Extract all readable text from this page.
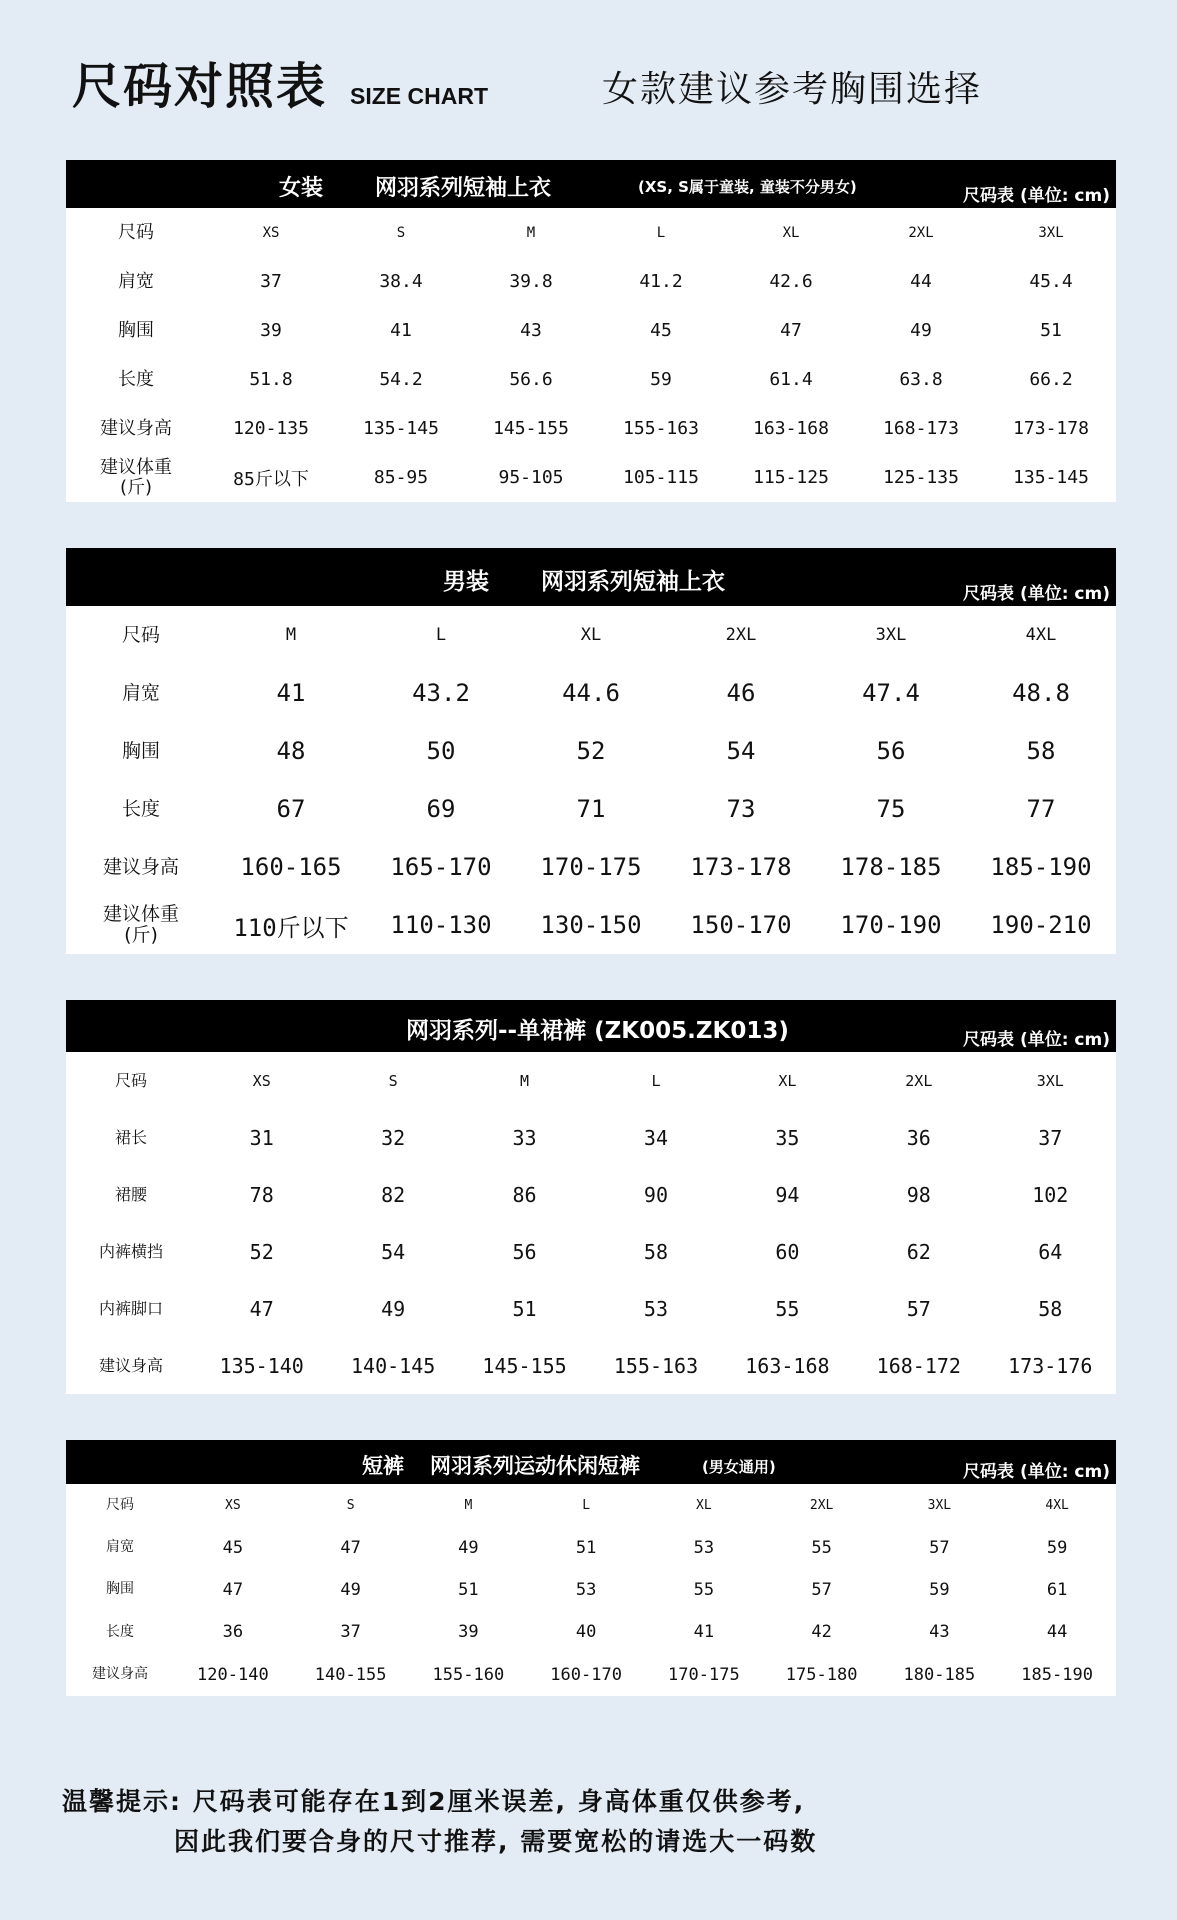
尺码对照表 SIZE CHART	女款建议参考胸围选择
女装 网羽系列短袖上衣	(XS, S属于童装, 童装不分男女)	尺码表 (单位: cm)
尺码	XS	S	M	L	XL	2XL	3XL
肩宽	37	38.4	39.8	41.2	42.6	44	45.4
胸围	39	41	43	45	47	49	51
长度	51.8	54.2	56.6	59	61.4	63.8	66.2
建议身高	120-135	135-145	145-155	155-163	163-168	168-173	173-178
建议体重
(斤)	85斤以下	85-95	95-105	105-115	115-125	125-135	135-145
男装 网羽系列短袖上衣	尺码表 (单位: cm)
尺码	M	L	XL	2XL	3XL	4XL
肩宽	41	43.2	44.6	46	47.4	48.8
胸围	48	50	52	54	56	58
长度	67	69	71	73	75	77
建议身高	160-165	165-170	170-175	173-178	178-185	185-190
建议体重
(斤)	110斤以下	110-130	130-150	150-170	170-190	190-210
网羽系列--单裙裤 (ZK005.ZK013)	尺码表 (单位: cm)
尺码	XS	S	M	L	XL	2XL	3XL
裙长	31	32	33	34	35	36	37
裙腰	78	82	86	90	94	98	102
内裤横挡	52	54	56	58	60	62	64
内裤脚口	47	49	51	53	55	57	58
建议身高	135-140	140-145	145-155	155-163	163-168	168-172	173-176
短裤 网羽系列运动休闲短裤	(男女通用)	尺码表 (单位: cm)
尺码	XS	S	M	L	XL	2XL	3XL	4XL
肩宽	45	47	49	51	53	55	57	59
胸围	47	49	51	53	55	57	59	61
长度	36	37	39	40	41	42	43	44
建议身高	120-140	140-155	155-160	160-170	170-175	175-180	180-185	185-190
温馨提示: 尺码表可能存在1到2厘米误差, 身高体重仅供参考,
因此我们要合身的尺寸推荐, 需要宽松的请选大一码数
